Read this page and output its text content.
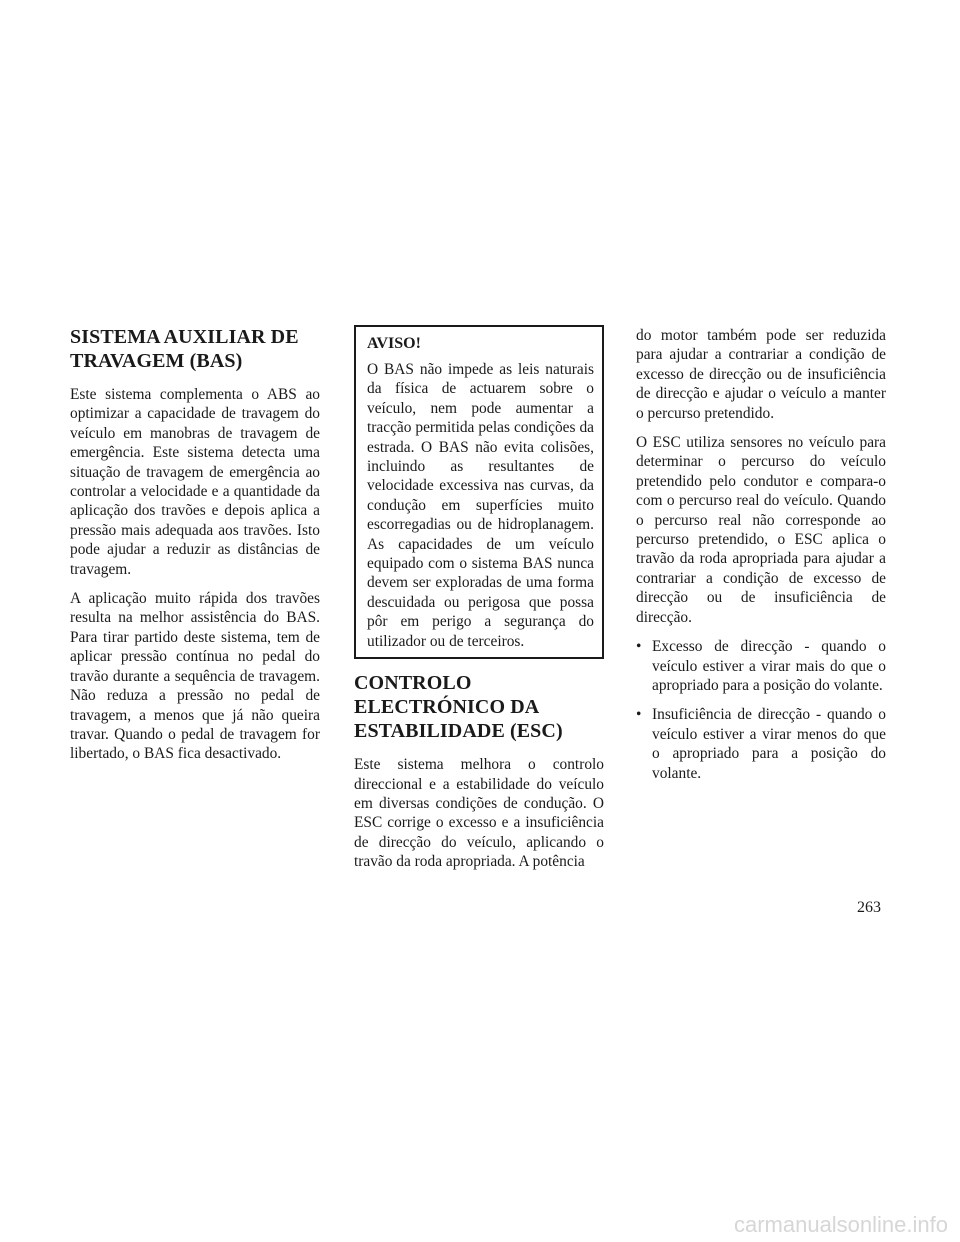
SISTEMA AUXILIAR DE TRAVAGEM (BAS)

Este sistema complementa o ABS ao optimizar a capacidade de travagem do veículo em manobras de travagem de emergência. Este sistema detecta uma situação de travagem de emergência ao controlar a velocidade e a quantidade da aplicação dos travões e depois aplica a pressão mais adequada aos travões. Isto pode ajudar a reduzir as distâncias de travagem.

A aplicação muito rápida dos travões resulta na melhor assistência do BAS. Para tirar partido deste sistema, tem de aplicar pressão contínua no pedal do travão durante a sequência de travagem. Não reduza a pressão no pedal de travagem, a menos que já não queira travar. Quando o pedal de travagem for libertado, o BAS fica desactivado.

AVISO!

O BAS não impede as leis naturais da física de actuarem sobre o veículo, nem pode aumentar a tracção permitida pelas condições da estrada. O BAS não evita colisões, incluindo as resultantes de velocidade excessiva nas curvas, da condução em superfícies muito escorregadias ou de hidroplanagem. As capacidades de um veículo equipado com o sistema BAS nunca devem ser exploradas de uma forma descuidada ou perigosa que possa pôr em perigo a segurança do utilizador ou de terceiros.

CONTROLO ELECTRÓNICO DA ESTABILIDADE (ESC)

Este sistema melhora o controlo direccional e a estabilidade do veículo em diversas condições de condução. O ESC corrige o excesso e a insuficiência de direcção do veículo, aplicando o travão da roda apropriada. A potência

do motor também pode ser reduzida para ajudar a contrariar a condição de excesso de direcção ou de insuficiência de direcção e ajudar o veículo a manter o percurso pretendido.

O ESC utiliza sensores no veículo para determinar o percurso do veículo pretendido pelo condutor e compara-o com o percurso real do veículo. Quando o percurso real não corresponde ao percurso pretendido, o ESC aplica o travão da roda apropriada para ajudar a contrariar a condição de excesso de direcção ou de insuficiência de direcção.

• Excesso de direcção - quando o veículo estiver a virar mais do que o apropriado para a posição do volante.
• Insuficiência de direcção - quando o veículo estiver a virar menos do que o apropriado para a posição do volante.
263
carmanualsonline.info
